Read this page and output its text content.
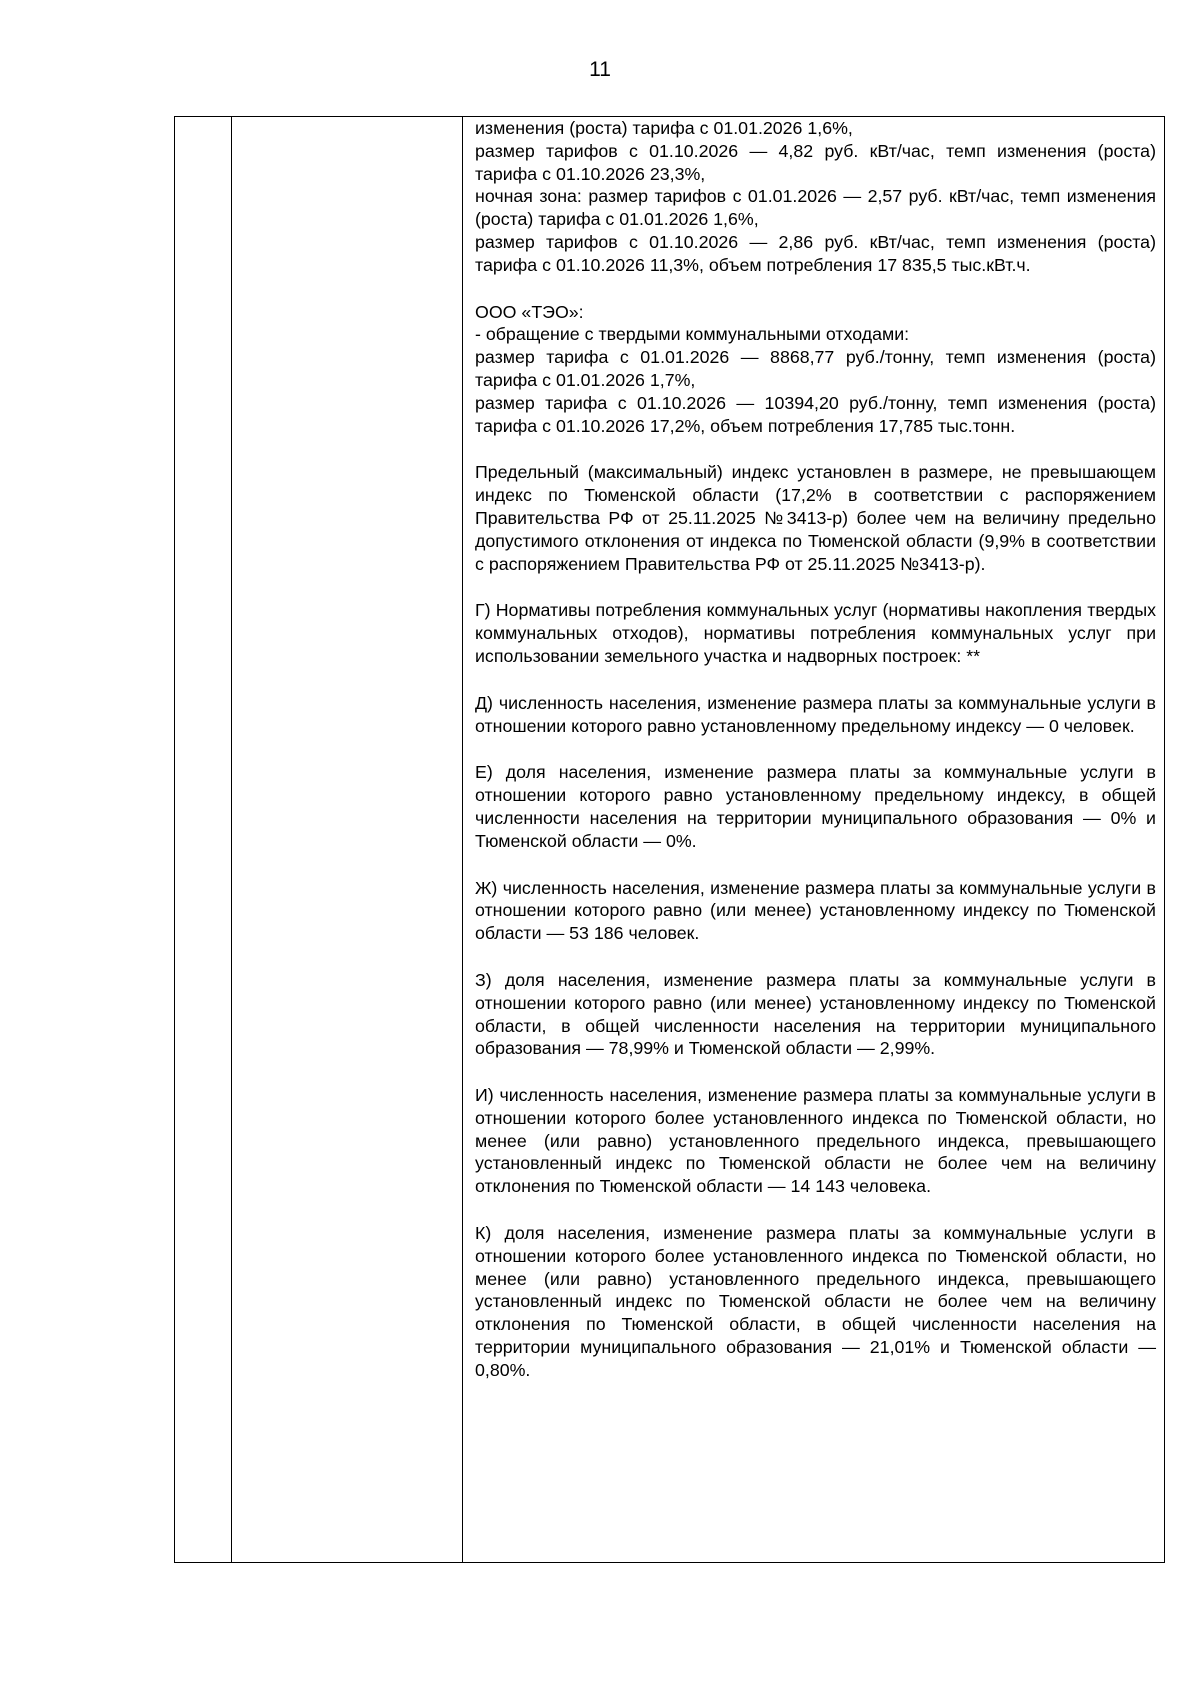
11

изменения (роста) тарифа с 01.01.2026 1,6%,

размер тарифов с 01.10.2026 — 4,82 руб. кВт/час, темп изменения (роста) тарифа с 01.10.2026 23,3%,

ночная зона: размер тарифов с 01.01.2026 — 2,57 руб. кВт/час, темп изменения (роста) тарифа с 01.01.2026 1,6%,

размер тарифов с 01.10.2026 — 2,86 руб. кВт/час, темп изменения (роста) тарифа с 01.10.2026 11,3%, объем потребления 17 835,5 тыс.кВт.ч.

ООО «ТЭО»:

- обращение с твердыми коммунальными отходами:

размер тарифа с 01.01.2026 — 8868,77 руб./тонну, темп изменения (роста) тарифа с 01.01.2026 1,7%,

размер тарифа с 01.10.2026 — 10394,20 руб./тонну, темп изменения (роста) тарифа с 01.10.2026 17,2%, объем потребления 17,785 тыс.тонн.

Предельный (максимальный) индекс установлен в размере, не превышающем индекс по Тюменской области (17,2% в соответствии с распоряжением Правительства РФ от 25.11.2025 №3413-р) более чем на величину предельно допустимого отклонения от индекса по Тюменской области (9,9% в соответствии с распоряжением Правительства РФ от 25.11.2025 №3413-р).

Г) Нормативы потребления коммунальных услуг (нормативы накопления твердых коммунальных отходов), нормативы потребления коммунальных услуг при использовании земельного участка и надворных построек: **

Д) численность населения, изменение размера платы за коммунальные услуги в отношении которого равно установленному предельному индексу — 0 человек.

Е) доля населения, изменение размера платы за коммунальные услуги в отношении которого равно установленному предельному индексу, в общей численности населения на территории муниципального образования — 0% и Тюменской области — 0%.

Ж) численность населения, изменение размера платы за коммунальные услуги в отношении которого равно (или менее) установленному индексу по Тюменской области — 53 186 человек.

З) доля населения, изменение размера платы за коммунальные услуги в отношении которого равно (или менее) установленному индексу по Тюменской области, в общей численности населения на территории муниципального образования — 78,99% и Тюменской области — 2,99%.

И) численность населения, изменение размера платы за коммунальные услуги в отношении которого более установленного индекса по Тюменской области, но менее (или равно) установленного предельного индекса, превышающего установленный индекс по Тюменской области не более чем на величину отклонения по Тюменской области — 14 143 человека.

К) доля населения, изменение размера платы за коммунальные услуги в отношении которого более установленного индекса по Тюменской области, но менее (или равно) установленного предельного индекса, превышающего установленный индекс по Тюменской области не более чем на величину отклонения по Тюменской области, в общей численности населения на территории муниципального образования — 21,01% и Тюменской области — 0,80%.
